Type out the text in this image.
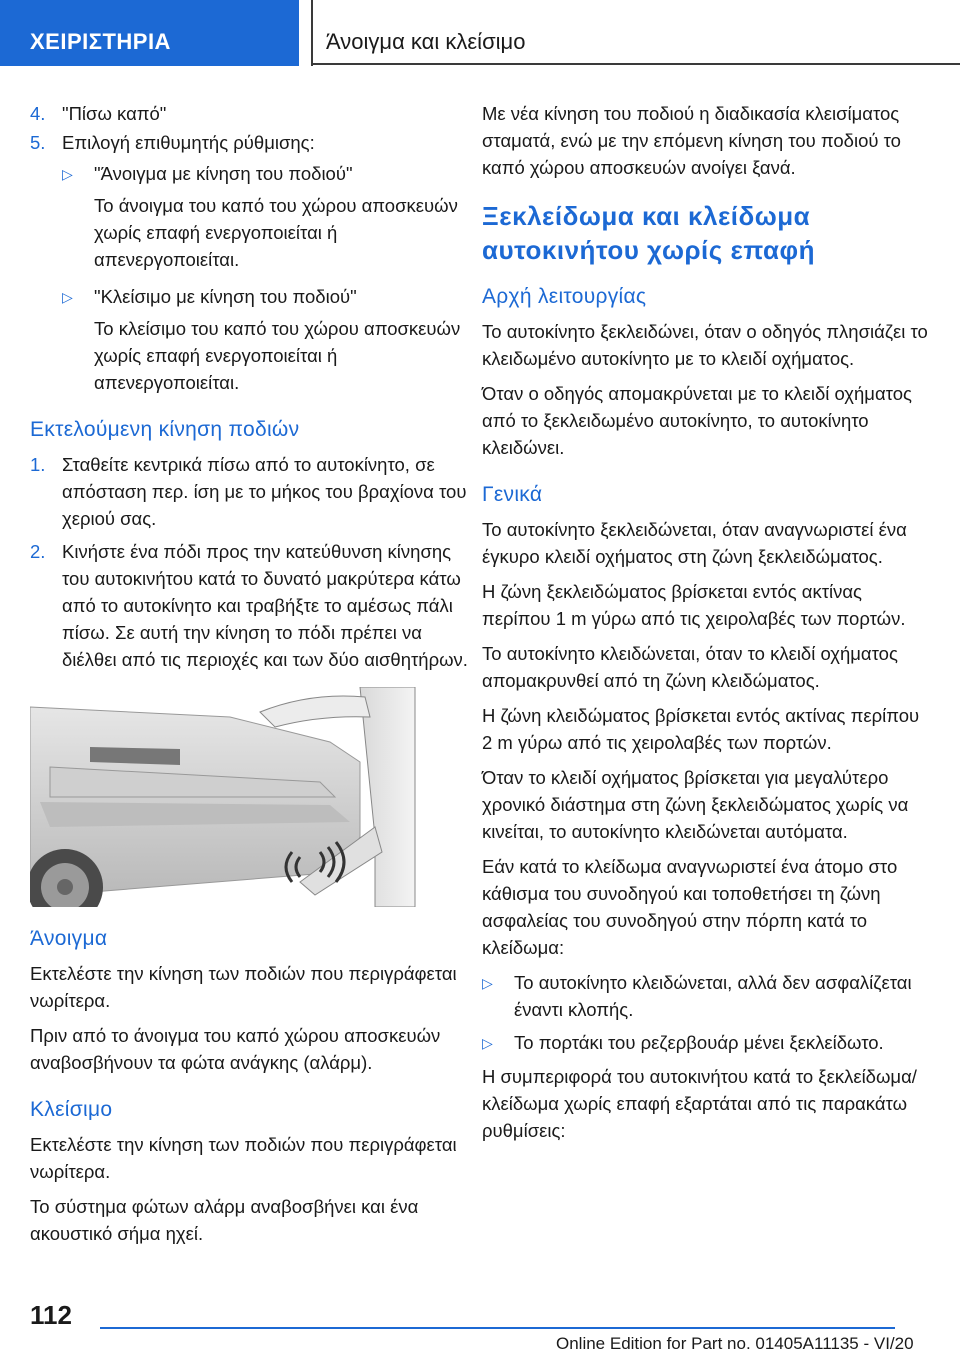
ΧΕΙΡΙΣΤΗΡΙΑ	Άνοιγμα και κλείσιμο
4. "Πίσω καπό"
5. Επιλογή επιθυμητής ρύθμισης:
▷	"Άνοιγμα με κίνηση του ποδιού"

Το άνοιγμα του καπό του χώρου αποσκευών χωρίς επαφή ενεργοποιείται ή απενεργοποιείται.

▷	"Κλείσιμο με κίνηση του ποδιού"

Το κλείσιμο του καπό του χώρου αποσκευών χωρίς επαφή ενεργοποιείται ή απενεργοποιείται.

Εκτελούμενη κίνηση ποδιών
1. Σταθείτε κεντρικά πίσω από το αυτοκίνητο, σε απόσταση περ. ίση με το μήκος του βραχίονα του χεριού σας.
2. Κινήστε ένα πόδι προς την κατεύθυνση κίνησης του αυτοκινήτου κατά το δυνατό μακρύτερα κάτω από το αυτοκίνητο και τραβήξτε το αμέσως πάλι πίσω. Σε αυτή την κίνηση το πόδι πρέπει να διέλθει από τις περιοχές και των δύο αισθητήρων.
Άνοιγμα

Εκτελέστε την κίνηση των ποδιών που περιγράφεται νωρίτερα.

Πριν από το άνοιγμα του καπό χώρου αποσκευών αναβοσβήνουν τα φώτα ανάγκης (αλάρμ).

Κλείσιμο

Εκτελέστε την κίνηση των ποδιών που περιγράφεται νωρίτερα.

Το σύστημα φώτων αλάρμ αναβοσβήνει και ένα ακουστικό σήμα ηχεί.

Με νέα κίνηση του ποδιού η διαδικασία κλεισίματος σταματά, ενώ με την επόμενη κίνηση του ποδιού το καπό χώρου αποσκευών ανοίγει ξανά.

Ξεκλείδωμα και κλείδωμα αυτοκινήτου χωρίς επαφή
Αρχή λειτουργίας

Το αυτοκίνητο ξεκλειδώνει, όταν ο οδηγός πλησιάζει το κλειδωμένο αυτοκίνητο με το κλειδί οχήματος.

Όταν ο οδηγός απομακρύνεται με το κλειδί οχήματος από το ξεκλειδωμένο αυτοκίνητο, το αυτοκίνητο κλειδώνει.

Γενικά

Το αυτοκίνητο ξεκλειδώνεται, όταν αναγνωριστεί ένα έγκυρο κλειδί οχήματος στη ζώνη ξεκλειδώματος.

Η ζώνη ξεκλειδώματος βρίσκεται εντός ακτίνας περίπου 1 m γύρω από τις χειρολαβές των πορτών.

Το αυτοκίνητο κλειδώνεται, όταν το κλειδί οχήματος απομακρυνθεί από τη ζώνη κλειδώματος.

Η ζώνη κλειδώματος βρίσκεται εντός ακτίνας περίπου 2 m γύρω από τις χειρολαβές των πορτών.

Όταν το κλειδί οχήματος βρίσκεται για μεγαλύτερο χρονικό διάστημα στη ζώνη ξεκλειδώματος χωρίς να κινείται, το αυτοκίνητο κλειδώνεται αυτόματα.

Εάν κατά το κλείδωμα αναγνωριστεί ένα άτομο στο κάθισμα του συνοδηγού και τοποθετήσει τη ζώνη ασφαλείας του συνοδηγού στην πόρπη κατά το κλείδωμα:

▷	Το αυτοκίνητο κλειδώνεται, αλλά δεν ασφαλίζεται έναντι κλοπής.
▷	Το πορτάκι του ρεζερβουάρ μένει ξεκλείδωτο.

Η συμπεριφορά του αυτοκινήτου κατά το ξεκλείδωμα/κλείδωμα χωρίς επαφή εξαρτάται από τις παρακάτω ρυθμίσεις:

112
Online Edition for Part no. 01405A11135 - VI/20
